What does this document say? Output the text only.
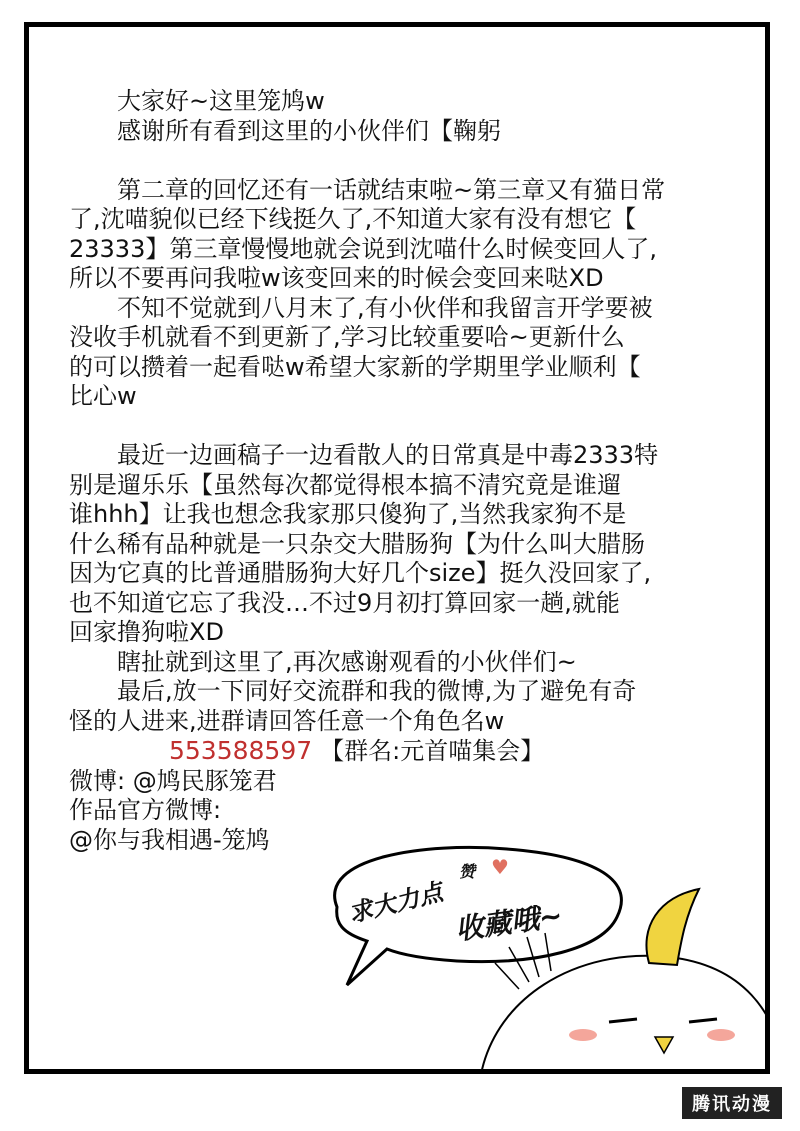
大家好~这里笼鸠w

感谢所有看到这里的小伙伴们【鞠躬

第二章的回忆还有一话就结束啦~第三章又有猫日常

了,沈喵貌似已经下线挺久了,不知道大家有没有想它【

23333】第三章慢慢地就会说到沈喵什么时候变回人了,

所以不要再问我啦w该变回来的时候会变回来哒XD

不知不觉就到八月末了,有小伙伴和我留言开学要被

没收手机就看不到更新了,学习比较重要哈~更新什么

的可以攒着一起看哒w希望大家新的学期里学业顺利【

比心w

最近一边画稿子一边看散人的日常真是中毒2333特

别是遛乐乐【虽然每次都觉得根本搞不清究竟是谁遛

谁hhh】让我也想念我家那只傻狗了,当然我家狗不是

什么稀有品种就是一只杂交大腊肠狗【为什么叫大腊肠

因为它真的比普通腊肠狗大好几个size】挺久没回家了,

也不知道它忘了我没…不过9月初打算回家一趟,就能

回家撸狗啦XD

瞎扯就到这里了,再次感谢观看的小伙伴们~

最后,放一下同好交流群和我的微博,为了避免有奇

怪的人进来,进群请回答任意一个角色名w

553588597 【群名:元首喵集会】

微博: @鸠民豚笼君

作品官方微博:

@你与我相遇-笼鸠

求大力点
赞 ♥
收藏哦~
腾讯动漫
